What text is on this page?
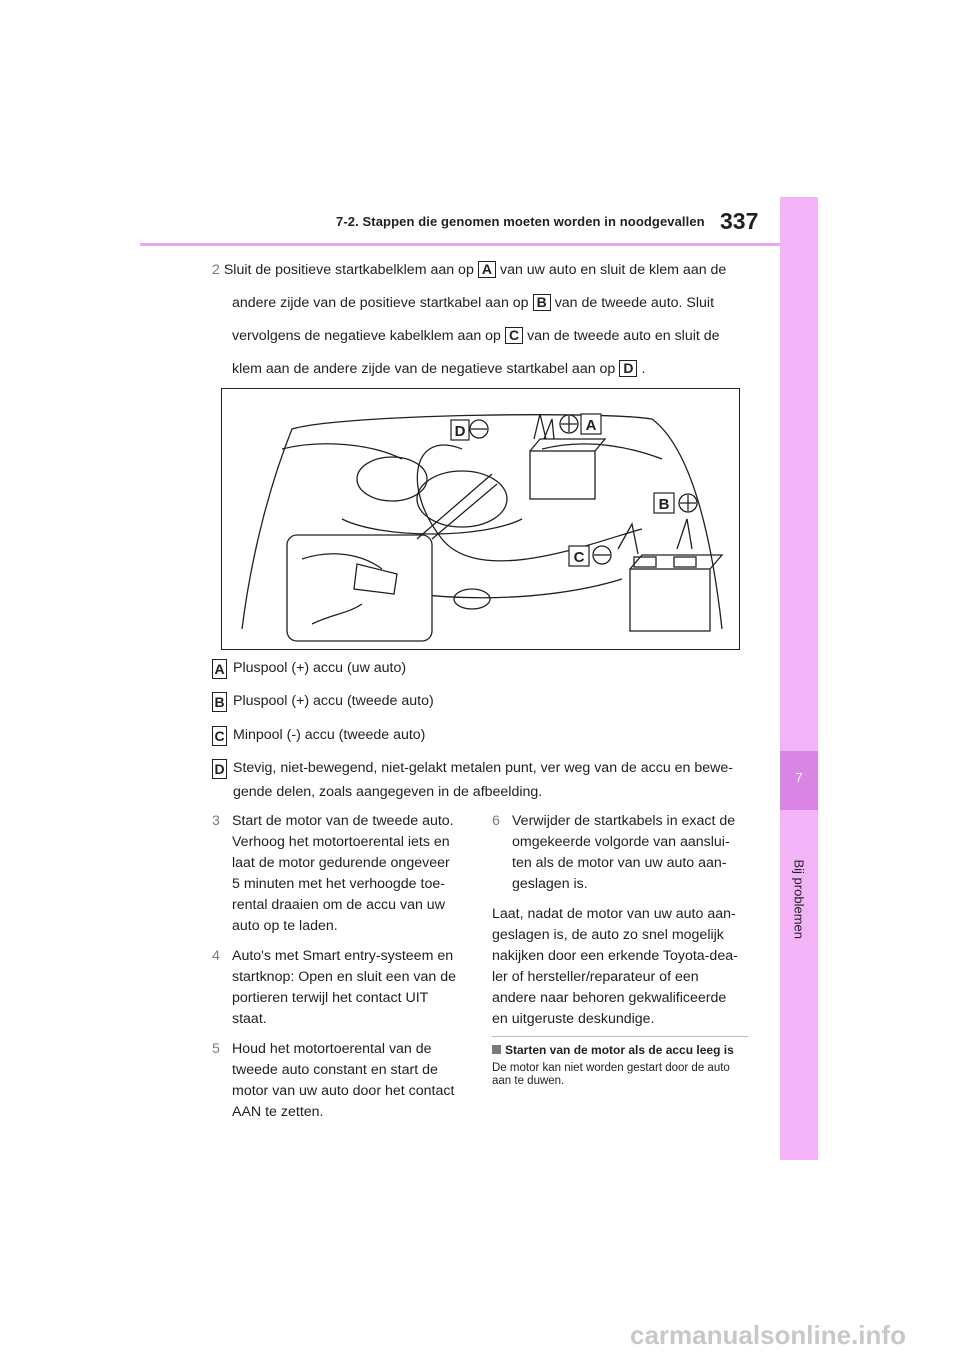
7-2. Stappen die genomen moeten worden in noodgevallen 337
7
Bij problemen
2 Sluit de positieve startkabelklem aan op A van uw auto en sluit de klem aan de
andere zijde van de positieve startkabel aan op B van de tweede auto. Sluit
vervolgens de negatieve kabelklem aan op C van de tweede auto en sluit de
klem aan de andere zijde van de negatieve startkabel aan op D .
D	A
B
C
A Pluspool (+) accu (uw auto)
B Pluspool (+) accu (tweede auto)
C Minpool (-) accu (tweede auto)
D Stevig, niet-bewegend, niet-gelakt metalen punt, ver weg van de accu en bewe-
gende delen, zoals aangegeven in de afbeelding.
3 Start de motor van de tweede auto.
Verhoog het motortoerental iets en
laat de motor gedurende ongeveer
5 minuten met het verhoogde toe-
rental draaien om de accu van uw
auto op te laden.
4 Auto's met Smart entry-systeem en
startknop: Open en sluit een van de
portieren terwijl het contact UIT
staat.
5 Houd het motortoerental van de
tweede auto constant en start de
motor van uw auto door het contact
AAN te zetten.
6 Verwijder de startkabels in exact de
omgekeerde volgorde van aanslui-
ten als de motor van uw auto aan-
geslagen is.
Laat, nadat de motor van uw auto aan-
geslagen is, de auto zo snel mogelijk
nakijken door een erkende Toyota-dea-
ler of hersteller/reparateur of een
andere naar behoren gekwalificeerde
en uitgeruste deskundige.
Starten van de motor als de accu leeg is
De motor kan niet worden gestart door de auto aan te duwen.
carmanualsonline.info
